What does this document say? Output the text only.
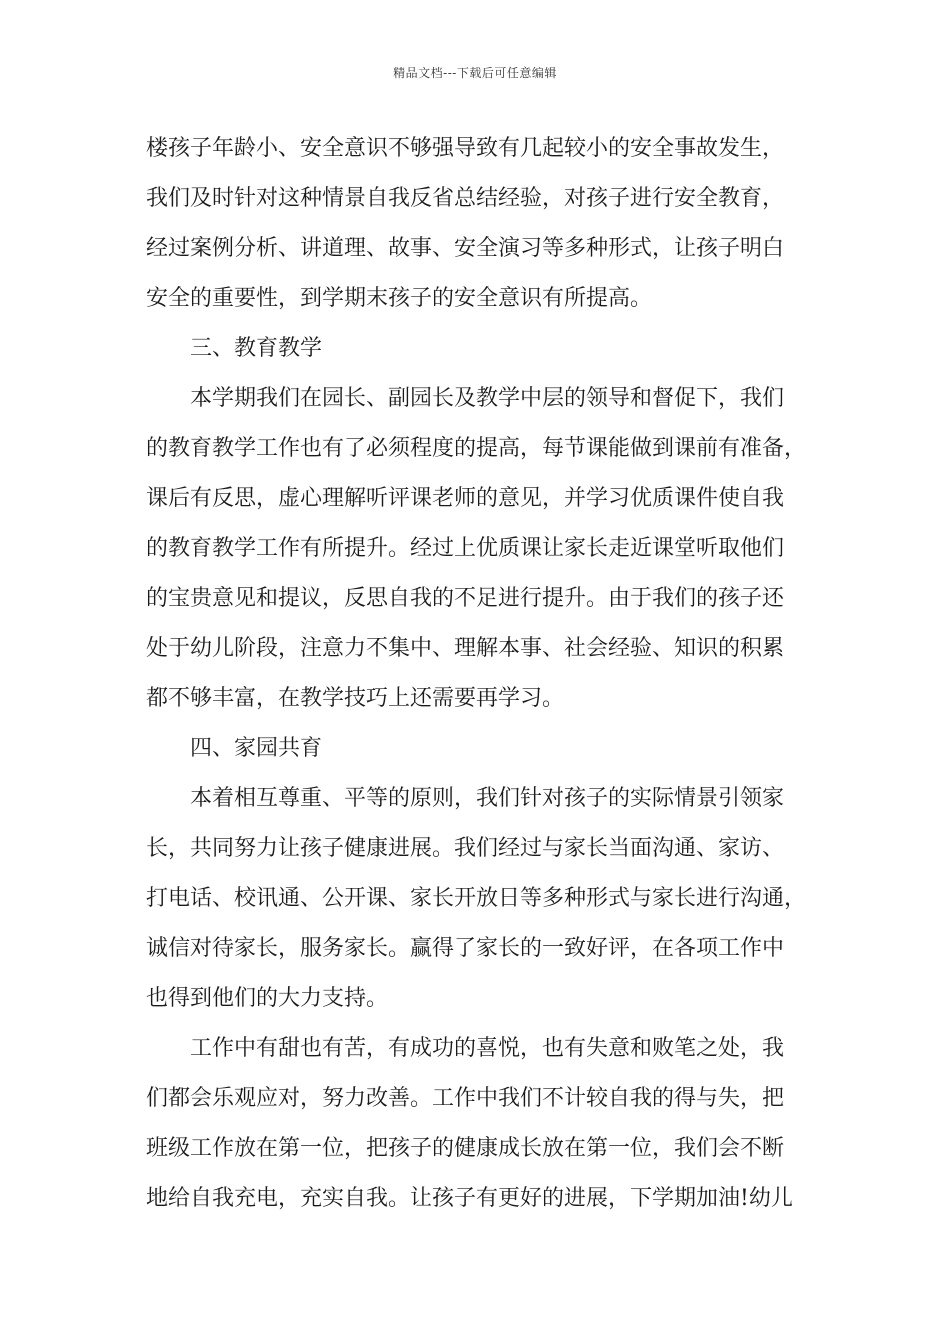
精品文档---下载后可任意编辑
楼孩子年龄小、安全意识不够强导致有几起较小的安全事故发生，
我们及时针对这种情景自我反省总结经验，对孩子进行安全教育，
经过案例分析、讲道理、故事、安全演习等多种形式，让孩子明白
安全的重要性，到学期末孩子的安全意识有所提高。
三、教育教学
本学期我们在园长、副园长及教学中层的领导和督促下，我们
的教育教学工作也有了必须程度的提高，每节课能做到课前有准备，
课后有反思，虚心理解听评课老师的意见，并学习优质课件使自我
的教育教学工作有所提升。经过上优质课让家长走近课堂听取他们
的宝贵意见和提议，反思自我的不足进行提升。由于我们的孩子还
处于幼儿阶段，注意力不集中、理解本事、社会经验、知识的积累
都不够丰富，在教学技巧上还需要再学习。
四、家园共育
本着相互尊重、平等的原则，我们针对孩子的实际情景引领家
长，共同努力让孩子健康进展。我们经过与家长当面沟通、家访、
打电话、校讯通、公开课、家长开放日等多种形式与家长进行沟通，
诚信对待家长，服务家长。赢得了家长的一致好评，在各项工作中
也得到他们的大力支持。
工作中有甜也有苦，有成功的喜悦，也有失意和败笔之处，我
们都会乐观应对，努力改善。工作中我们不计较自我的得与失，把
班级工作放在第一位，把孩子的健康成长放在第一位，我们会不断
地给自我充电，充实自我。让孩子有更好的进展，下学期加油!幼儿
